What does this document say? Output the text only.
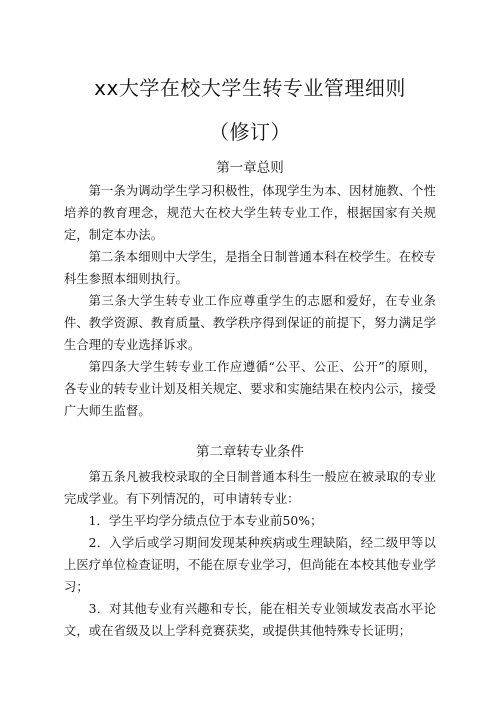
xx大学在校大学生转专业管理细则
（修订）
第一章总则

第一条为调动学生学习积极性，体现学生为本、因材施教、个性培养的教育理念，规范大在校大学生转专业工作，根据国家有关规定，制定本办法。

第二条本细则中大学生，是指全日制普通本科在校学生。在校专科生参照本细则执行。

第三条大学生转专业工作应尊重学生的志愿和爱好，在专业条件、教学资源、教育质量、教学秩序得到保证的前提下，努力满足学生合理的专业选择诉求。

第四条大学生转专业工作应遵循“公平、公正、公开”的原则，各专业的转专业计划及相关规定、要求和实施结果在校内公示，接受广大师生监督。

第二章转专业条件

第五条凡被我校录取的全日制普通本科生一般应在被录取的专业完成学业。有下列情况的，可申请转专业：

1．学生平均学分绩点位于本专业前50%；

2．入学后或学习期间发现某种疾病或生理缺陷，经二级甲等以上医疗单位检查证明，不能在原专业学习，但尚能在本校其他专业学习；

3．对其他专业有兴趣和专长，能在相关专业领域发表高水平论文，或在省级及以上学科竞赛获奖，或提供其他特殊专长证明；
